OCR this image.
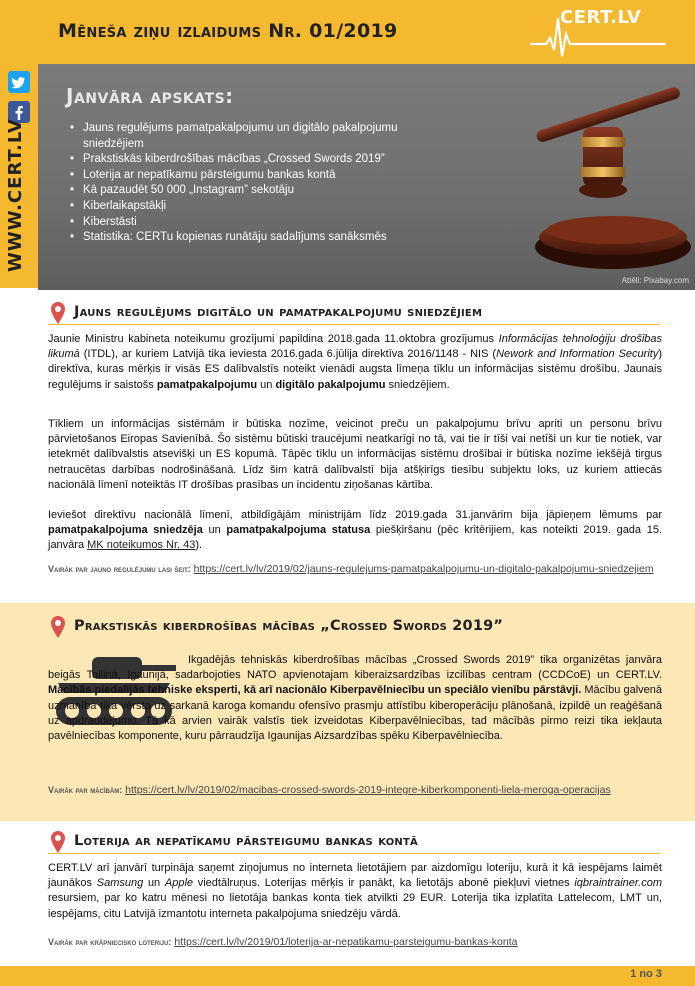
Mēneša ziņu izlaidums Nr. 01/2019
CERT.LV
WWW.CERT.LV
Janvāra apskats:
• Jauns regulējums pamatpakalpojumu un digitālo pakalpojumu sniedzējiem
• Prakstiskās kiberdrošības mācības „Crossed Swords 2019”
• Loterija ar nepatīkamu pārsteigumu bankas kontā
• Kā pazaudēt 50 000 „Instagram” sekotāju
• Kiberlaikapstākļi
• Kiberstāsti
• Statistika: CERTu kopienas runātāju sadalījums sanāksmēs
Attēli: Pixabay.com
Jauns regulējums digitālo un pamatpakalpojumu sniedzējiem

Jaunie Ministru kabineta noteikumu grozījumi papildina 2018.gada 11.oktobra grozījumus Informācijas tehnoloģiju drošības likumā (ITDL), ar kuriem Latvijā tika ieviesta 2016.gada 6.jūlija direktīva 2016/1148 - NIS (Nework and Information Security) direktīva, kuras mērķis ir visās ES dalībvalstīs noteikt vienādi augsta līmeņa tīklu un informācijas sistēmu drošību. Jaunais regulējums ir saistošs pamatpakalpojumu un digitālo pakalpojumu sniedzējiem.

Tīkliem un informācijas sistēmām ir būtiska nozīme, veicinot preču un pakalpojumu brīvu apriti un personu brīvu pārvietošanos Eiropas Savienībā. Šo sistēmu būtiski traucējumi neatkarīgi no tā, vai tie ir tīši vai netīši un kur tie notiek, var ietekmēt dalībvalstis atsevišķi un ES kopumā. Tāpēc tīklu un informācijas sistēmu drošībai ir būtiska nozīme iekšējā tirgus netraucētas darbības nodrošināšanā. Līdz šim katrā dalībvalstī bija atšķirīgs tiesību subjektu loks, uz kuriem attiecās nacionālā līmenī noteiktās IT drošības prasības un incidentu ziņošanas kārtība.

Ieviešot direktīvu nacionālā līmenī, atbildīgājām ministrijām līdz 2019.gada 31.janvārim bija jāpieņem lēmums par pamatpakalpojuma sniedzēja un pamatpakalpojuma statusa piešķiršanu (pēc kritērijiem, kas noteikti 2019. gada 15. janvāra MK noteikumos Nr. 43).

Vairāk par jauno regulējumu lasi šeit: https://cert.lv/lv/2019/02/jauns-regulejums-pamatpakalpojumu-un-digitalo-pakalpojumu-sniedzejiem

Prakstiskās kiberdrošības mācības „Crossed Swords 2019”

Ikgadējās tehniskās kiberdrošības mācības „Crossed Swords 2019” tika organizētas janvāra beigās Tallinā, Igaunijā, sadarbojoties NATO apvienotajam kiberaizsardzības izcilības centram (CCDCoE) un CERT.LV. Mācībās piedalījās tehniske eksperti, kā arī nacionālo Kiberpavēlniecību un speciālo vienību pārstāvji. Mācību galvenā uzmanība tika vērsta uz sarkanā karoga komandu ofensīvo prasmju attīstību kiberoperāciju plānošanā, izpildē un reaģēšanā uz apdraudējumu. Tā kā arvien vairāk valstīs tiek izveidotas Kiberpavēlniecības, tad mācībās pirmo reizi tika iekļauta pavēlniecības komponente, kuru pārraudzīja Igaunijas Aizsardzības spēku Kiberpavēlniecība.

Vairāk par mācībām: https://cert.lv/lv/2019/02/macibas-crossed-swords-2019-integre-kiberkomponenti-liela-meroga-operacijas

Loterija ar nepatīkamu pārsteigumu bankas kontā

CERT.LV arī janvārī turpināja saņemt ziņojumus no interneta lietotājiem par aizdomīgu loteriju, kurā it kā iespējams laimēt jaunākos Samsung un Apple viedtālruņus. Loterijas mērķis ir panākt, ka lietotājs abonē piekļuvi vietnes iqbraintrainer.com resursiem, par ko katru mēnesi no lietotāja bankas konta tiek atvilkti 29 EUR. Loterija tika izplatīta Lattelecom, LMT un, iespējams, citu Latvijā izmantotu interneta pakalpojuma sniedzēju vārdā.

Vairāk par krāpniecisko loteriju: https://cert.lv/lv/2019/01/loterija-ar-nepatikamu-parsteigumu-bankas-konta

1 no 3
